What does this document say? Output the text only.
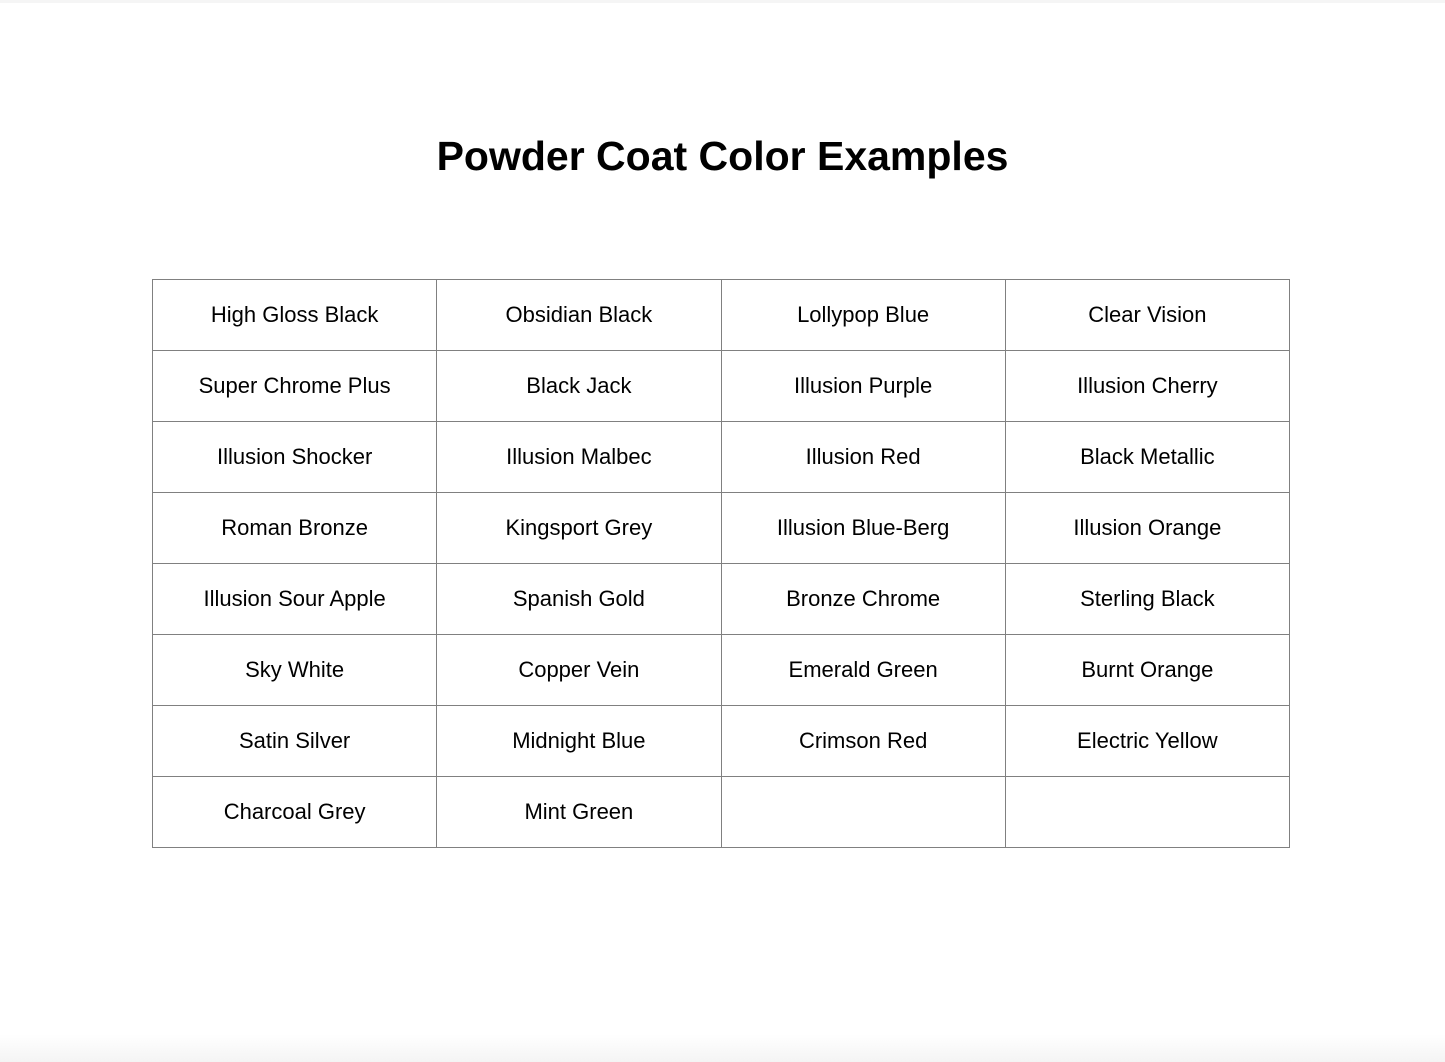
Powder Coat Color Examples
High Gloss Black	Obsidian Black	Lollypop Blue	Clear Vision
Super Chrome Plus	Black Jack	Illusion Purple	Illusion Cherry
Illusion Shocker	Illusion Malbec	Illusion Red	Black Metallic
Roman Bronze	Kingsport Grey	Illusion Blue-Berg	Illusion Orange
Illusion Sour Apple	Spanish Gold	Bronze Chrome	Sterling Black
Sky White	Copper Vein	Emerald Green	Burnt Orange
Satin Silver	Midnight Blue	Crimson Red	Electric Yellow
Charcoal Grey	Mint Green		
